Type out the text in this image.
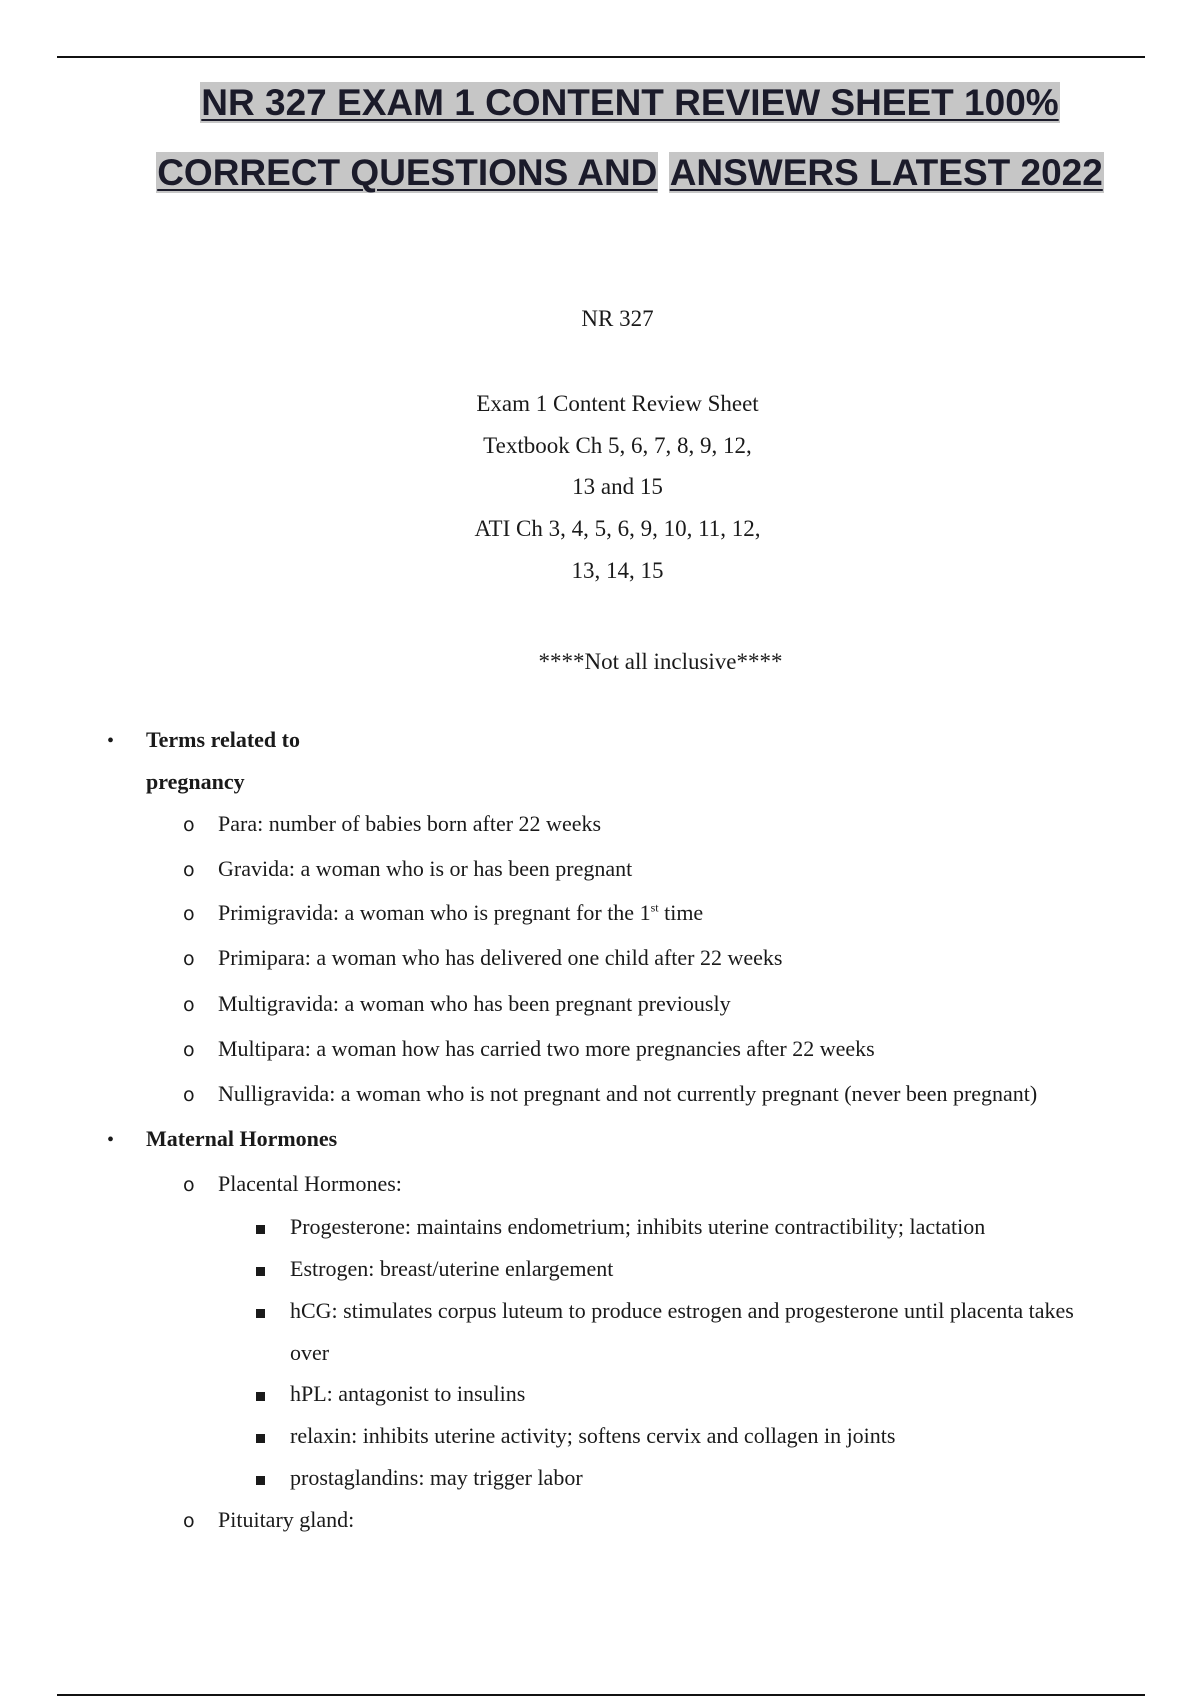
NR 327 EXAM 1 CONTENT REVIEW SHEET 100%
CORRECT QUESTIONS AND ANSWERS LATEST 2022
NR 327
Exam 1 Content Review Sheet
Textbook Ch 5, 6, 7, 8, 9, 12,
13 and 15
ATI Ch 3, 4, 5, 6, 9, 10, 11, 12,
13, 14, 15
****Not all inclusive****
• Terms related to
pregnancy
o Para: number of babies born after 22 weeks
o Gravida: a woman who is or has been pregnant
o Primigravida: a woman who is pregnant for the 1st time
o Primipara: a woman who has delivered one child after 22 weeks
o Multigravida: a woman who has been pregnant previously
o Multipara: a woman how has carried two more pregnancies after 22 weeks
o Nulligravida: a woman who is not pregnant and not currently pregnant (never been pregnant)
• Maternal Hormones
o Placental Hormones:
Progesterone: maintains endometrium; inhibits uterine contractibility; lactation
Estrogen: breast/uterine enlargement
hCG: stimulates corpus luteum to produce estrogen and progesterone until placenta takes
over
hPL: antagonist to insulins
relaxin: inhibits uterine activity; softens cervix and collagen in joints
prostaglandins: may trigger labor
o Pituitary gland:
